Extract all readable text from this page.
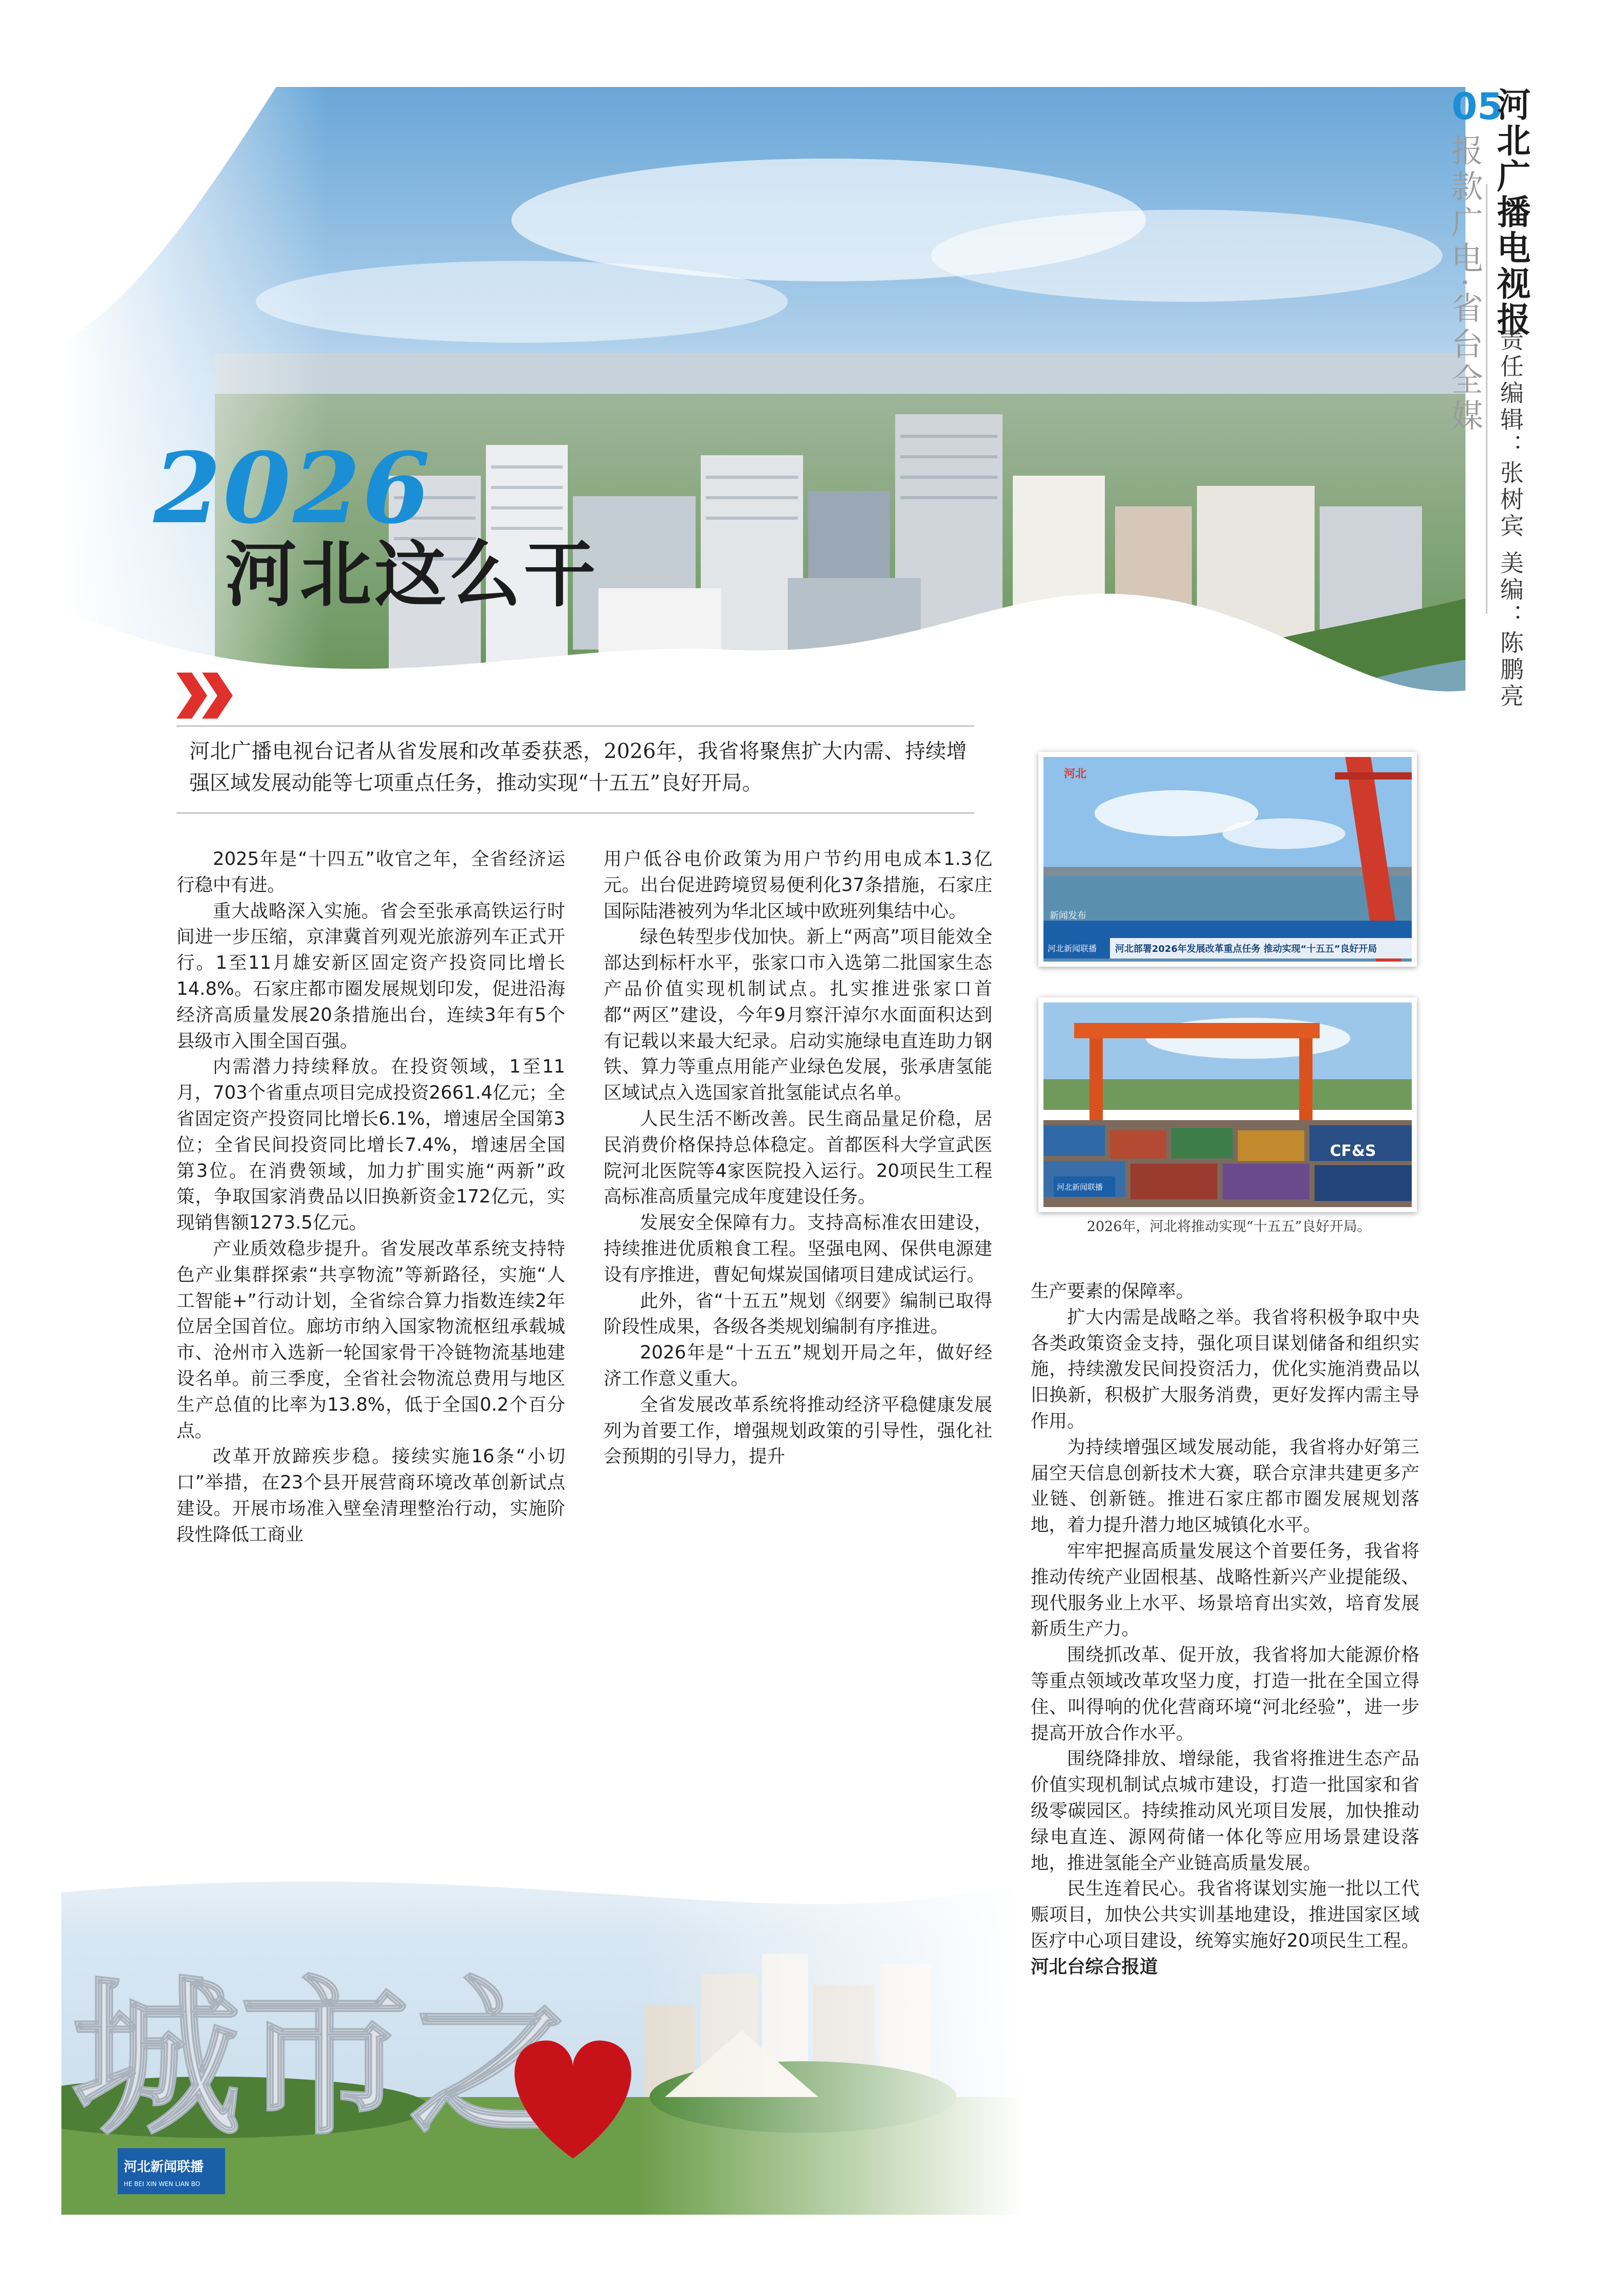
2026
河北这么干
05
河北广播电视报
报款广电·省台全媒
责任编辑：张树宾 美编：陈鹏亮

河北广播电视台记者从省发展和改革委获悉，2026年，我省将聚焦扩大内需、持续增强区域发展动能等七项重点任务，推动实现“十五五”良好开局。

2025年是“十四五”收官之年，全省经济运行稳中有进。

重大战略深入实施。省会至张承高铁运行时间进一步压缩，京津冀首列观光旅游列车正式开行。1至11月雄安新区固定资产投资同比增长14.8%。石家庄都市圈发展规划印发，促进沿海经济高质量发展20条措施出台，连续3年有5个县级市入围全国百强。

内需潜力持续释放。在投资领域，1至11月，703个省重点项目完成投资2661.4亿元；全省固定资产投资同比增长6.1%，增速居全国第3位；全省民间投资同比增长7.4%，增速居全国第3位。在消费领域，加力扩围实施“两新”政策，争取国家消费品以旧换新资金172亿元，实现销售额1273.5亿元。

产业质效稳步提升。省发展改革系统支持特色产业集群探索“共享物流”等新路径，实施“人工智能+”行动计划，全省综合算力指数连续2年位居全国首位。廊坊市纳入国家物流枢纽承载城市、沧州市入选新一轮国家骨干冷链物流基地建设名单。前三季度，全省社会物流总费用与地区生产总值的比率为13.8%，低于全国0.2个百分点。

改革开放蹄疾步稳。接续实施16条“小切口”举措，在23个县开展营商环境改革创新试点建设。开展市场准入壁垒清理整治行动，实施阶段性降低工商业

用户低谷电价政策为用户节约用电成本1.3亿元。出台促进跨境贸易便利化37条措施，石家庄国际陆港被列为华北区域中欧班列集结中心。

绿色转型步伐加快。新上“两高”项目能效全部达到标杆水平，张家口市入选第二批国家生态产品价值实现机制试点。扎实推进张家口首都“两区”建设，今年9月察汗淖尔水面面积达到有记载以来最大纪录。启动实施绿电直连助力钢铁、算力等重点用能产业绿色发展，张承唐氢能区域试点入选国家首批氢能试点名单。

人民生活不断改善。民生商品量足价稳，居民消费价格保持总体稳定。首都医科大学宣武医院河北医院等4家医院投入运行。20项民生工程高标准高质量完成年度建设任务。

发展安全保障有力。支持高标准农田建设，持续推进优质粮食工程。坚强电网、保供电源建设有序推进，曹妃甸煤炭国储项目建成试运行。

此外，省“十五五”规划《纲要》编制已取得阶段性成果，各级各类规划编制有序推进。

2026年是“十五五”规划开局之年，做好经济工作意义重大。

全省发展改革系统将推动经济平稳健康发展列为首要工作，增强规划政策的引导性，强化社会预期的引导力，提升

河北
新闻发布
河北新闻联播 河北部署2026年发展改革重点任务 推动实现“十五五”良好开局
CF&S
河北新闻联播
2026年，河北将推动实现“十五五”良好开局。

生产要素的保障率。

扩大内需是战略之举。我省将积极争取中央各类政策资金支持，强化项目谋划储备和组织实施，持续激发民间投资活力，优化实施消费品以旧换新，积极扩大服务消费，更好发挥内需主导作用。

为持续增强区域发展动能，我省将办好第三届空天信息创新技术大赛，联合京津共建更多产业链、创新链。推进石家庄都市圈发展规划落地，着力提升潜力地区城镇化水平。

牢牢把握高质量发展这个首要任务，我省将推动传统产业固根基、战略性新兴产业提能级、现代服务业上水平、场景培育出实效，培育发展新质生产力。

围绕抓改革、促开放，我省将加大能源价格等重点领域改革攻坚力度，打造一批在全国立得住、叫得响的优化营商环境“河北经验”，进一步提高开放合作水平。

围绕降排放、增绿能，我省将推进生态产品价值实现机制试点城市建设，打造一批国家和省级零碳园区。持续推动风光项目发展，加快推动绿电直连、源网荷储一体化等应用场景建设落地，推进氢能全产业链高质量发展。

民生连着民心。我省将谋划实施一批以工代赈项目，加快公共实训基地建设，推进国家区域医疗中心项目建设，统筹实施好20项民生工程。河北台综合报道
